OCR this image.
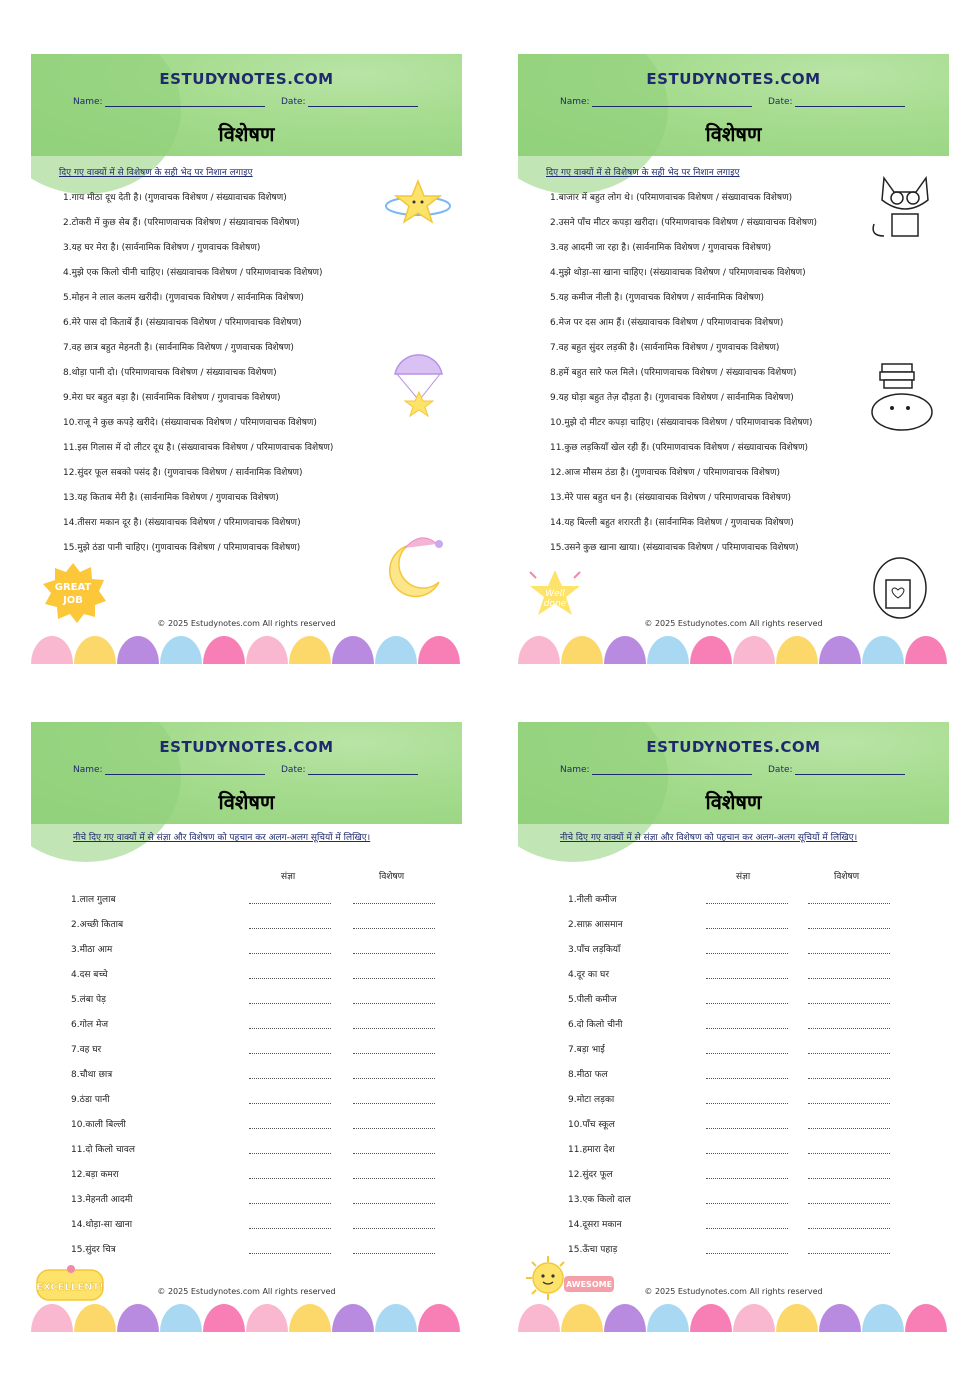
ESTUDYNOTES.COM
Name:	Date:
विशेषण
दिए गए वाक्यों में से विशेषण के सही भेद पर निशान लगाइए
1.गाय मीठा दूध देती है। (गुणवाचक विशेषण / संख्यावाचक विशेषण)
2.टोकरी में कुछ सेब हैं। (परिमाणवाचक विशेषण / संख्यावाचक विशेषण)
3.यह घर मेरा है। (सार्वनामिक विशेषण / गुणवाचक विशेषण)
4.मुझे एक किलो चीनी चाहिए। (संख्यावाचक विशेषण / परिमाणवाचक विशेषण)
5.मोहन ने लाल कलम खरीदी। (गुणवाचक विशेषण / सार्वनामिक विशेषण)
6.मेरे पास दो किताबें हैं। (संख्यावाचक विशेषण / परिमाणवाचक विशेषण)
7.वह छात्र बहुत मेहनती है। (सार्वनामिक विशेषण / गुणवाचक विशेषण)
8.थोड़ा पानी दो। (परिमाणवाचक विशेषण / संख्यावाचक विशेषण)
9.मेरा घर बहुत बड़ा है। (सार्वनामिक विशेषण / गुणवाचक विशेषण)
10.राजू ने कुछ कपड़े खरीदे। (संख्यावाचक विशेषण / परिमाणवाचक विशेषण)
11.इस गिलास में दो लीटर दूध है। (संख्यावाचक विशेषण / परिमाणवाचक विशेषण)
12.सुंदर फूल सबको पसंद है। (गुणवाचक विशेषण / सार्वनामिक विशेषण)
13.यह किताब मेरी है। (सार्वनामिक विशेषण / गुणवाचक विशेषण)
14.तीसरा मकान दूर है। (संख्यावाचक विशेषण / परिमाणवाचक विशेषण)
15.मुझे ठंडा पानी चाहिए। (गुणवाचक विशेषण / परिमाणवाचक विशेषण)
GREAT
JOB
© 2025 Estudynotes.com All rights reserved
ESTUDYNOTES.COM
Name:	Date:
विशेषण
दिए गए वाक्यों में से विशेषण के सही भेद पर निशान लगाइए
1.बाजार में बहुत लोग थे। (परिमाणवाचक विशेषण / संख्यावाचक विशेषण)
2.उसने पाँच मीटर कपड़ा खरीदा। (परिमाणवाचक विशेषण / संख्यावाचक विशेषण)
3.वह आदमी जा रहा है। (सार्वनामिक विशेषण / गुणवाचक विशेषण)
4.मुझे थोड़ा-सा खाना चाहिए। (संख्यावाचक विशेषण / परिमाणवाचक विशेषण)
5.यह कमीज नीली है। (गुणवाचक विशेषण / सार्वनामिक विशेषण)
6.मेज पर दस आम हैं। (संख्यावाचक विशेषण / परिमाणवाचक विशेषण)
7.वह बहुत सुंदर लड़की है। (सार्वनामिक विशेषण / गुणवाचक विशेषण)
8.हमें बहुत सारे फल मिले। (परिमाणवाचक विशेषण / संख्यावाचक विशेषण)
9.यह घोड़ा बहुत तेज़ दौड़ता है। (गुणवाचक विशेषण / सार्वनामिक विशेषण)
10.मुझे दो मीटर कपड़ा चाहिए। (संख्यावाचक विशेषण / परिमाणवाचक विशेषण)
11.कुछ लड़कियाँ खेल रही हैं। (परिमाणवाचक विशेषण / संख्यावाचक विशेषण)
12.आज मौसम ठंडा है। (गुणवाचक विशेषण / परिमाणवाचक विशेषण)
13.मेरे पास बहुत धन है। (संख्यावाचक विशेषण / परिमाणवाचक विशेषण)
14.यह बिल्ली बहुत शरारती है। (सार्वनामिक विशेषण / गुणवाचक विशेषण)
15.उसने कुछ खाना खाया। (संख्यावाचक विशेषण / परिमाणवाचक विशेषण)
Well
done
© 2025 Estudynotes.com All rights reserved
ESTUDYNOTES.COM
Name:	Date:
विशेषण
नीचे दिए गए वाक्यों में से संज्ञा और विशेषण को पहचान कर अलग-अलग सूचियों में लिखिए।
संज्ञा	विशेषण
1.लाल गुलाब
2.अच्छी किताब
3.मीठा आम
4.दस बच्चे
5.लंबा पेड़
6.गोल मेज
7.वह घर
8.चौथा छात्र
9.ठंडा पानी
10.काली बिल्ली
11.दो किलो चावल
12.बड़ा कमरा
13.मेहनती आदमी
14.थोड़ा-सा खाना
15.सुंदर चित्र
EXCELLENT!	© 2025 Estudynotes.com All rights reserved
ESTUDYNOTES.COM
Name:	Date:
विशेषण
नीचे दिए गए वाक्यों में से संज्ञा और विशेषण को पहचान कर अलग-अलग सूचियों में लिखिए।
संज्ञा	विशेषण
1.नीली कमीज
2.साफ़ आसमान
3.पाँच लड़कियाँ
4.दूर का घर
5.पीली कमीज
6.दो किलो चीनी
7.बड़ा भाई
8.मीठा फल
9.मोटा लड़का
10.पाँच स्कूल
11.हमारा देश
12.सुंदर फूल
13.एक किलो दाल
14.दूसरा मकान
15.ऊँचा पहाड़
AWESOME
© 2025 Estudynotes.com All rights reserved
